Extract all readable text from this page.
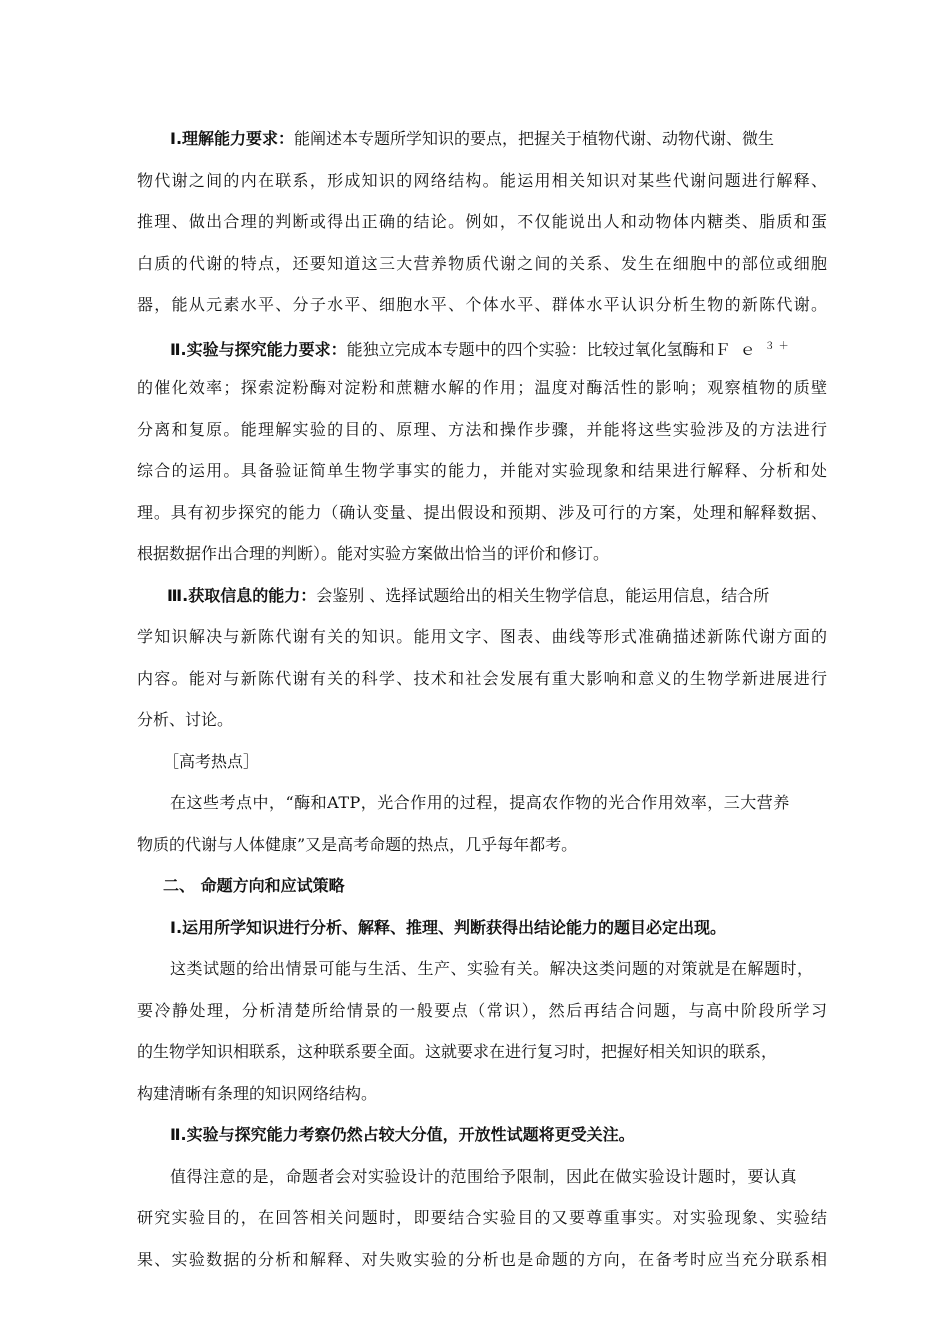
Ⅰ.理解能力要求：能阐述本专题所学知识的要点，把握关于植物代谢、动物代谢、微生
物代谢之间的内在联系，形成知识的网络结构。能运用相关知识对某些代谢问题进行解释、
推理、做出合理的判断或得出正确的结论。例如，不仅能说出人和动物体内糖类、脂质和蛋
白质的代谢的特点，还要知道这三大营养物质代谢之间的关系、发生在细胞中的部位或细胞
器，能从元素水平、分子水平、细胞水平、个体水平、群体水平认识分析生物的新陈代谢。
Ⅱ.实验与探究能力要求：能独立完成本专题中的四个实验：比较过氧化氢酶和Ｆｅ$^{3+}$
的催化效率；探索淀粉酶对淀粉和蔗糖水解的作用；温度对酶活性的影响；观察植物的质壁
分离和复原。能理解实验的目的、原理、方法和操作步骤，并能将这些实验涉及的方法进行
综合的运用。具备验证简单生物学事实的能力，并能对实验现象和结果进行解释、分析和处
理。具有初步探究的能力（确认变量、提出假设和预期、涉及可行的方案，处理和解释数据、
根据数据作出合理的判断）。能对实验方案做出恰当的评价和修订。
Ⅲ.获取信息的能力：会鉴别 、选择试题给出的相关生物学信息，能运用信息，结合所
学知识解决与新陈代谢有关的知识。能用文字、图表、曲线等形式准确描述新陈代谢方面的
内容。能对与新陈代谢有关的科学、技术和社会发展有重大影响和意义的生物学新进展进行
分析、讨论。
［高考热点］
在这些考点中，“酶和ATP，光合作用的过程，提高农作物的光合作用效率，三大营养
物质的代谢与人体健康”又是高考命题的热点，几乎每年都考。
二、 命题方向和应试策略
Ⅰ.运用所学知识进行分析、解释、推理、判断获得出结论能力的题目必定出现。
这类试题的给出情景可能与生活、生产、实验有关。解决这类问题的对策就是在解题时，
要冷静处理，分析清楚所给情景的一般要点（常识），然后再结合问题，与高中阶段所学习
的生物学知识相联系，这种联系要全面。这就要求在进行复习时，把握好相关知识的联系，
构建清晰有条理的知识网络结构。
Ⅱ.实验与探究能力考察仍然占较大分值，开放性试题将更受关注。
值得注意的是，命题者会对实验设计的范围给予限制，因此在做实验设计题时，要认真
研究实验目的，在回答相关问题时，即要结合实验目的又要尊重事实。对实验现象、实验结
果、实验数据的分析和解释、对失败实验的分析也是命题的方向，在备考时应当充分联系相
